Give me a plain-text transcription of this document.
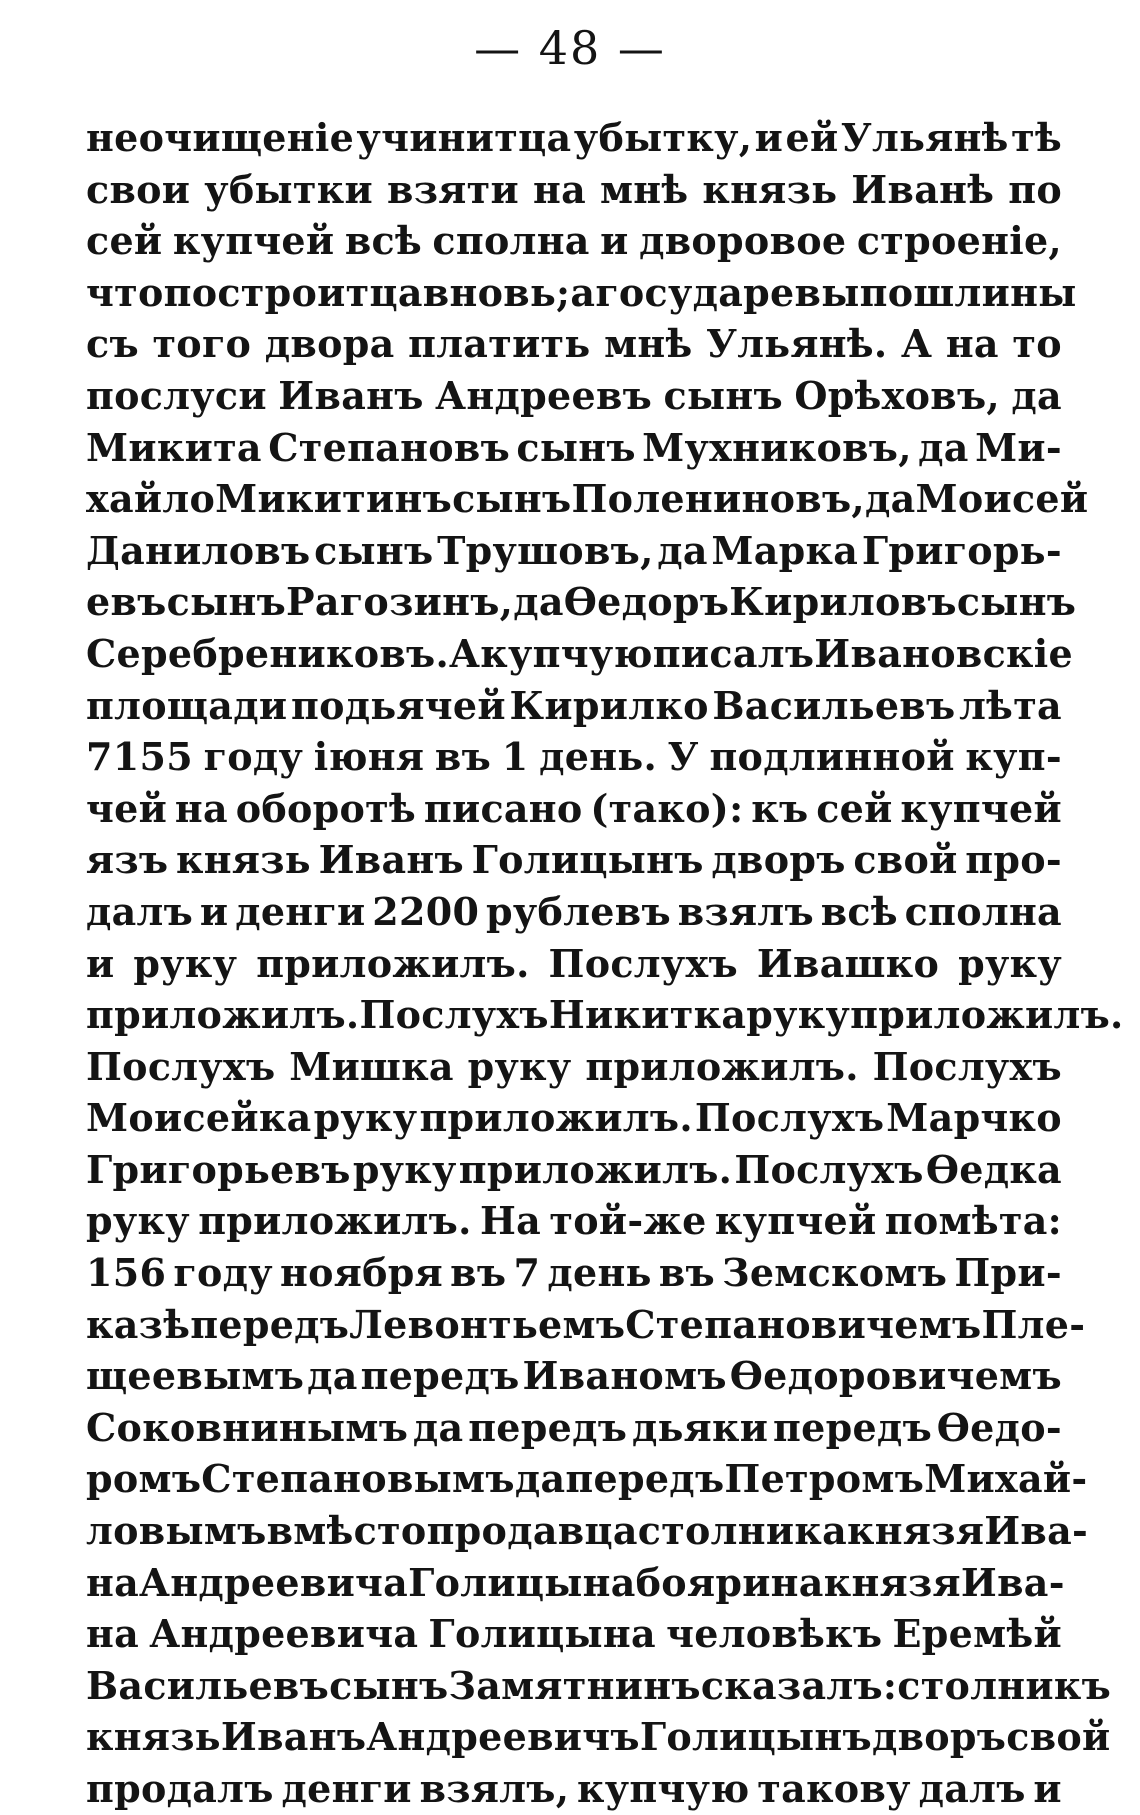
— 48 —
неочищеніе учинитца убытку, и ей Ульянѣ тѣ
свои убытки взяти на мнѣ князь Иванѣ по
сей купчей всѣ сполна и дворовое строеніе,
что построитца вновь; а государевы пошлины
съ того двора платить мнѣ Ульянѣ. А на то
послуси Иванъ Андреевъ сынъ Орѣховъ, да
Микита Степановъ сынъ Мухниковъ, да Ми-
хайло Микитинъ сынъ Полениновъ, да Моисей
Даниловъ сынъ Трушовъ, да Марка Григорь-
евъ сынъ Рагозинъ, да Ѳедоръ Кириловъ сынъ
Серебрениковъ. А купчую писалъ Ивановскіе
площади подьячей Кирилко Васильевъ лѣта
7155 году іюня въ 1 день. У подлинной куп-
чей на оборотѣ писано (тако): къ сей купчей
язъ князь Иванъ Голицынъ дворъ свой про-
далъ и денги 2200 рублевъ взялъ всѣ сполна
и руку приложилъ. Послухъ Ивашко руку
приложилъ. Послухъ Никитка руку приложилъ.
Послухъ Мишка руку приложилъ. Послухъ
Моисейка руку приложилъ. Послухъ Марчко
Григорьевъ руку приложилъ. Послухъ Ѳедка
руку приложилъ. На той-же купчей помѣта:
156 году ноября въ 7 день въ Земскомъ При-
казѣ передъ Левонтьемъ Степановичемъ Пле-
щеевымъ да передъ Иваномъ Ѳедоровичемъ
Соковнинымъ да передъ дьяки передъ Ѳедо-
ромъ Степановымъ да передъ Петромъ Михай-
ловымъ вмѣсто продавца столника князя Ива-
на Андреевича Голицына боярина князя Ива-
на Андреевича Голицына человѣкъ Еремѣй
Васильевъ сынъ Замятнинъ сказалъ: столникъ
князь Иванъ Андреевичъ Голицынъ дворъ свой
продалъ денги взялъ, купчую такову далъ и
